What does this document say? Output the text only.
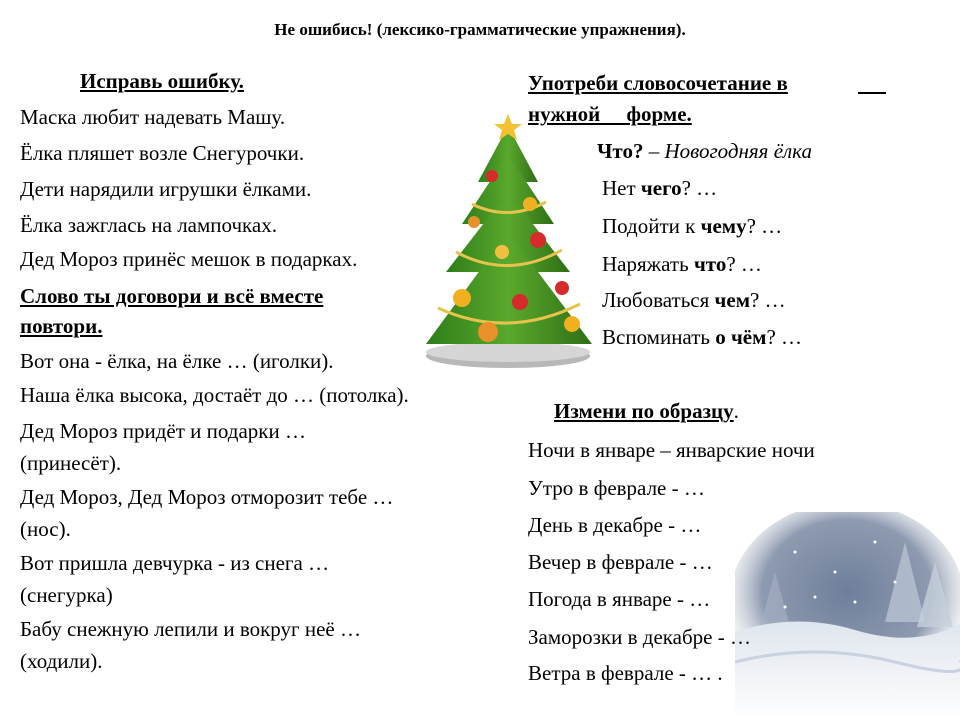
Не ошибись! (лексико-грамматические упражнения).
Исправь ошибку.
Маска любит надевать Машу.
Ёлка пляшет возле Снегурочки.
Дети нарядили игрушки ёлками.
Ёлка зажглась на лампочках.
Дед Мороз принёс мешок в подарках.
Слово ты договори и всё вместе
повтори.
Вот она - ёлка, на ёлке … (иголки).
Наша ёлка высока, достаёт до … (потолка).
Дед Мороз придёт и подарки …
(принесёт).
Дед Мороз, Дед Мороз отморозит тебе …
(нос).
Вот пришла девчурка - из снега …
(снегурка)
Бабу снежную лепили и вокруг неё …
(ходили).
Употреби словосочетание в
нужной     форме.
Что? – Новогодняя ёлка
Нет чего? …
Подойти к чему? …
Наряжать что? …
Любоваться чем? …
Вспоминать о чём? …
Измени по образцу.
Ночи в январе – январские ночи
Утро в феврале - …
День в декабре - …
Вечер в феврале - …
Погода в январе - …
Заморозки в декабре - …
Ветра в феврале - … .
